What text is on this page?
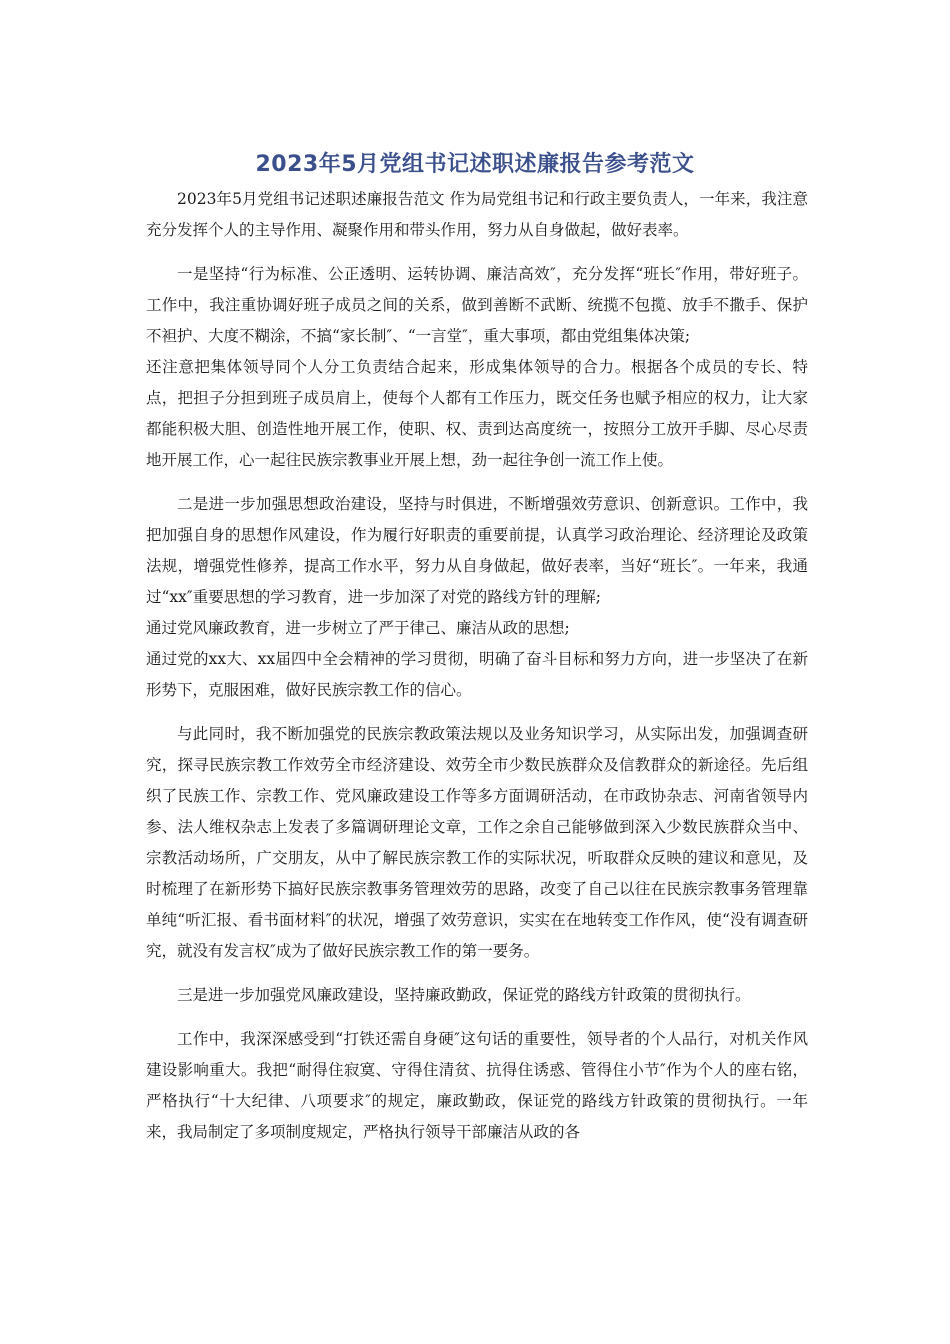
2023年5月党组书记述职述廉报告参考范文

2023年5月党组书记述职述廉报告范文 作为局党组书记和行政主要负责人，一年来，我注意充分发挥个人的主导作用、凝聚作用和带头作用，努力从自身做起，做好表率。

一是坚持“行为标准、公正透明、运转协调、廉洁高效″，充分发挥“班长″作用，带好班子。工作中，我注重协调好班子成员之间的关系，做到善断不武断、统揽不包揽、放手不撒手、保护不袒护、大度不糊涂，不搞“家长制″、“一言堂″，重大事项，都由党组集体决策;

还注意把集体领导同个人分工负责结合起来，形成集体领导的合力。根据各个成员的专长、特点，把担子分担到班子成员肩上，使每个人都有工作压力，既交任务也赋予相应的权力，让大家都能积极大胆、创造性地开展工作，使职、权、责到达高度统一，按照分工放开手脚、尽心尽责地开展工作，心一起往民族宗教事业开展上想，劲一起往争创一流工作上使。

二是进一步加强思想政治建设，坚持与时俱进，不断增强效劳意识、创新意识。工作中，我把加强自身的思想作风建设，作为履行好职责的重要前提，认真学习政治理论、经济理论及政策法规，增强党性修养，提高工作水平，努力从自身做起，做好表率，当好“班长″。一年来，我通过“xx″重要思想的学习教育，进一步加深了对党的路线方针的理解;

通过党风廉政教育，进一步树立了严于律己、廉洁从政的思想;

通过党的xx大、xx届四中全会精神的学习贯彻，明确了奋斗目标和努力方向，进一步坚决了在新形势下，克服困难，做好民族宗教工作的信心。

与此同时，我不断加强党的民族宗教政策法规以及业务知识学习，从实际出发，加强调查研究，探寻民族宗教工作效劳全市经济建设、效劳全市少数民族群众及信教群众的新途径。先后组织了民族工作、宗教工作、党风廉政建设工作等多方面调研活动，在市政协杂志、河南省领导内参、法人维权杂志上发表了多篇调研理论文章，工作之余自己能够做到深入少数民族群众当中、宗教活动场所，广交朋友，从中了解民族宗教工作的实际状况，听取群众反映的建议和意见，及时梳理了在新形势下搞好民族宗教事务管理效劳的思路，改变了自己以往在民族宗教事务管理靠单纯“听汇报、看书面材料″的状况，增强了效劳意识，实实在在地转变工作作风，使“没有调查研究，就没有发言权″成为了做好民族宗教工作的第一要务。

三是进一步加强党风廉政建设，坚持廉政勤政，保证党的路线方针政策的贯彻执行。

工作中，我深深感受到“打铁还需自身硬″这句话的重要性，领导者的个人品行，对机关作风建设影响重大。我把“耐得住寂寞、守得住清贫、抗得住诱惑、管得住小节″作为个人的座右铭，严格执行“十大纪律、八项要求″的规定，廉政勤政，保证党的路线方针政策的贯彻执行。一年来，我局制定了多项制度规定，严格执行领导干部廉洁从政的各
